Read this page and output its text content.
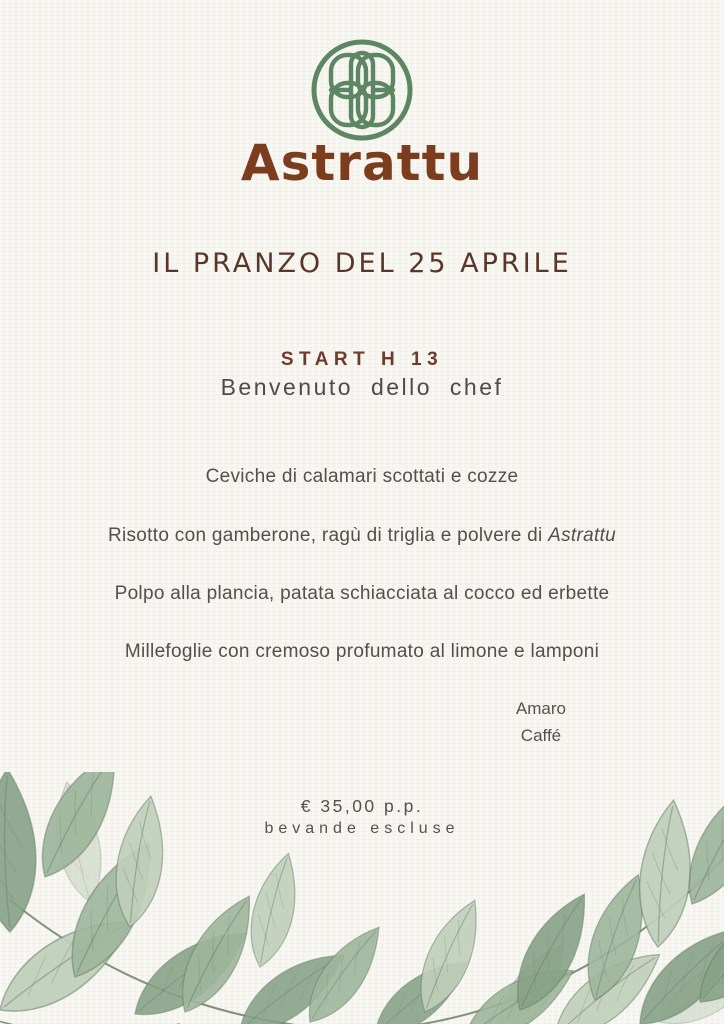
Astrattu
IL PRANZO DEL 25 APRILE
START H 13
Benvenuto dello chef
Ceviche di calamari scottati e cozze
Risotto con gamberone, ragù di triglia e polvere di Astrattu
Polpo alla plancia, patata schiacciata al cocco ed erbette
Millefoglie con cremoso profumato al limone e lamponi
Amaro
Caffé
€ 35,00 p.p.
bevande escluse
